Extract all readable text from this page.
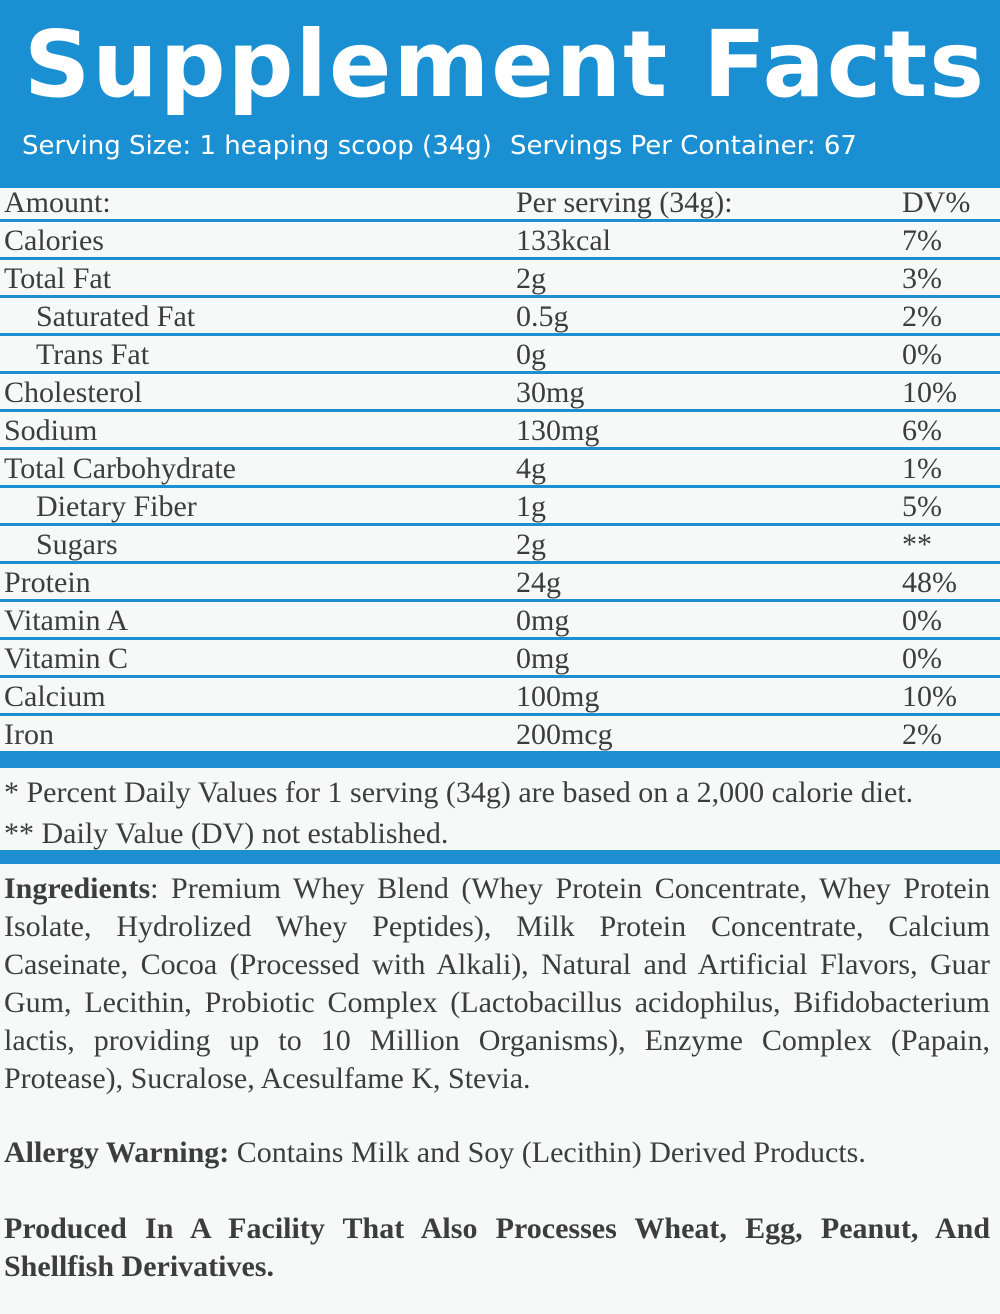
Supplement Facts
Serving Size: 1 heaping scoop (34g) Servings Per Container: 67
Amount:	Per serving (34g):	DV%
Calories	133kcal	7%
Total Fat	2g	3%
Saturated Fat	0.5g	2%
Trans Fat	0g	0%
Cholesterol	30mg	10%
Sodium	130mg	6%
Total Carbohydrate	4g	1%
Dietary Fiber	1g	5%
Sugars	2g	**
Protein	24g	48%
Vitamin A	0mg	0%
Vitamin C	0mg	0%
Calcium	100mg	10%
Iron	200mcg	2%
* Percent Daily Values for 1 serving (34g) are based on a 2,000 calorie diet.
** Daily Value (DV) not established.
Ingredients: Premium Whey Blend (Whey Protein Concentrate, Whey Protein Isolate, Hydrolized Whey Peptides), Milk Protein Concentrate, Calcium Caseinate, Cocoa (Processed with Alkali), Natural and Artificial Flavors, Guar Gum, Lecithin, Probiotic Complex (Lactobacillus acidophilus, Bifidobacterium lactis, providing up to 10 Million Organisms), Enzyme Complex (Papain, Protease), Sucralose, Acesulfame K, Stevia.
Allergy Warning: Contains Milk and Soy (Lecithin) Derived Products.
Produced In A Facility That Also Processes Wheat, Egg, Peanut, And Shellfish Derivatives.
